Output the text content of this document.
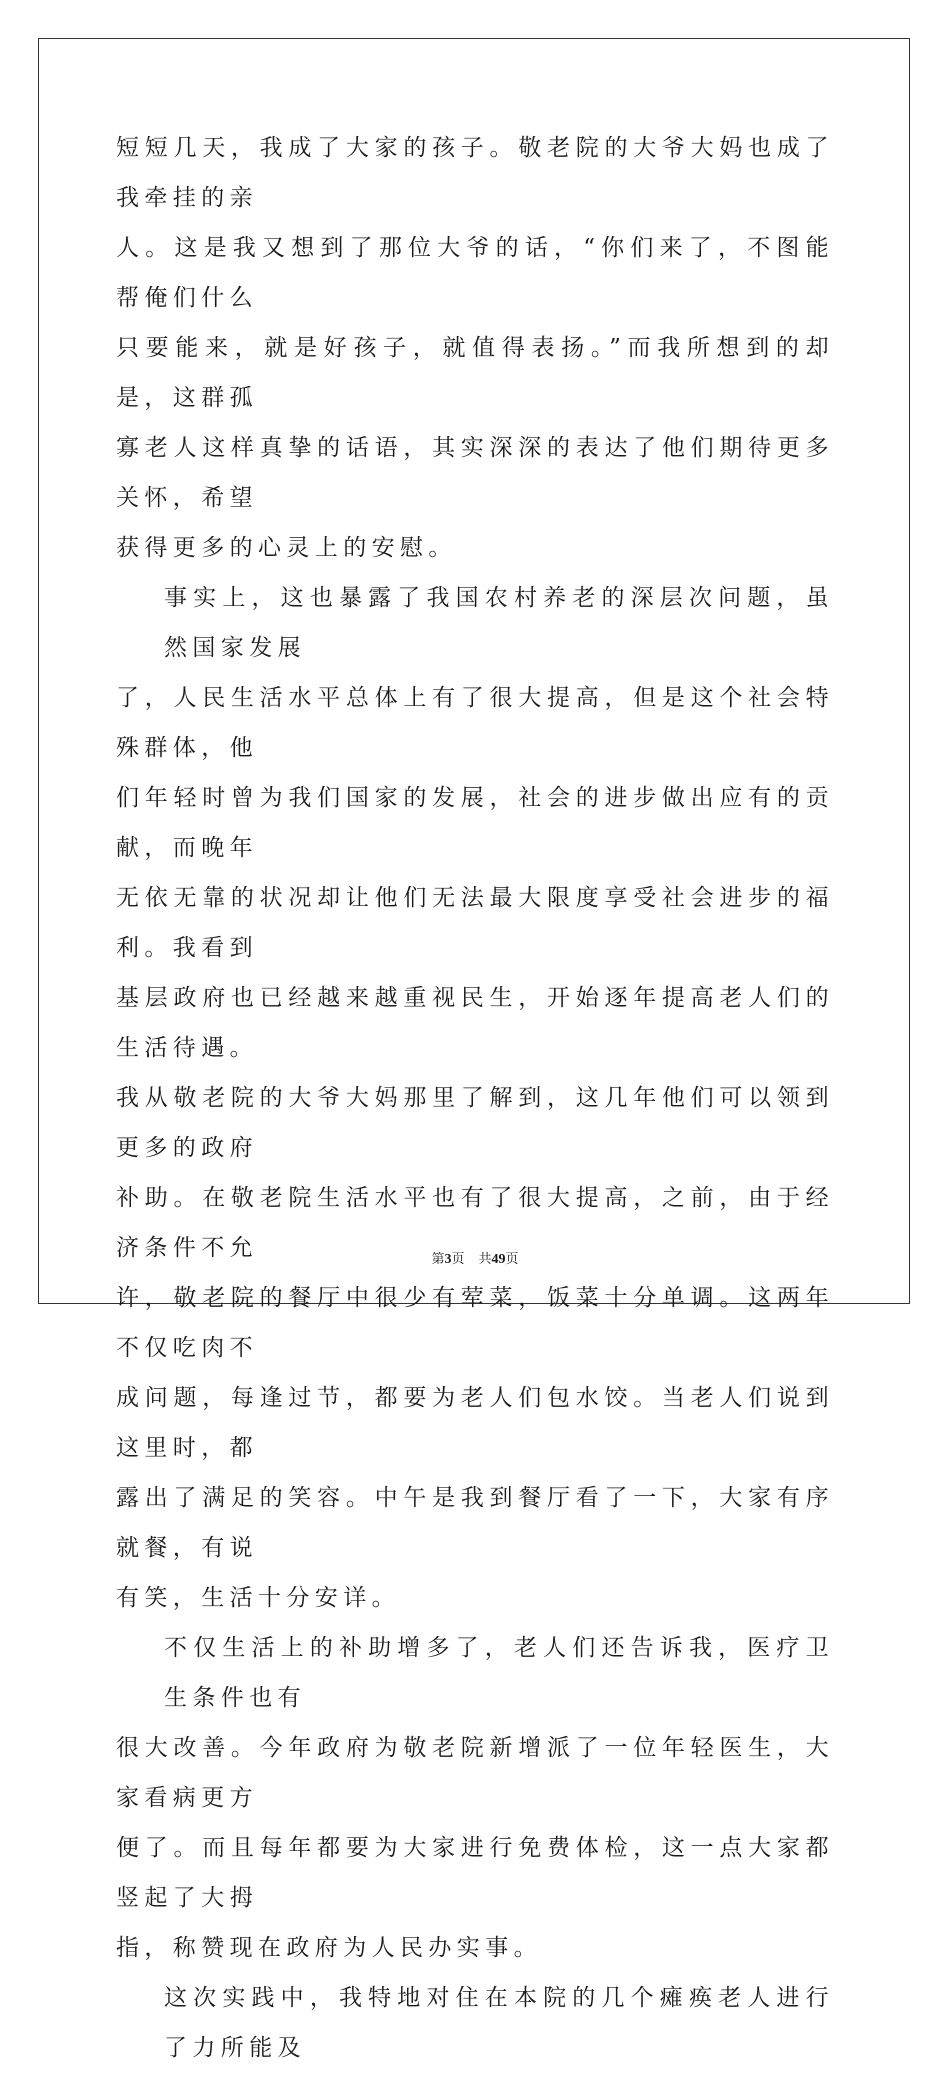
短短几天，我成了大家的孩子。敬老院的大爷大妈也成了我牵挂的亲
人。这是我又想到了那位大爷的话，“你们来了，不图能帮俺们什么
只要能来，就是好孩子，就值得表扬。”而我所想到的却是，这群孤
寡老人这样真挚的话语，其实深深的表达了他们期待更多关怀，希望
获得更多的心灵上的安慰。
事实上，这也暴露了我国农村养老的深层次问题，虽然国家发展
了，人民生活水平总体上有了很大提高，但是这个社会特殊群体，他
们年轻时曾为我们国家的发展，社会的进步做出应有的贡献，而晚年
无依无靠的状况却让他们无法最大限度享受社会进步的福利。我看到
基层政府也已经越来越重视民生，开始逐年提高老人们的生活待遇。
我从敬老院的大爷大妈那里了解到，这几年他们可以领到更多的政府
补助。在敬老院生活水平也有了很大提高，之前，由于经济条件不允
许，敬老院的餐厅中很少有荤菜，饭菜十分单调。这两年不仅吃肉不
成问题，每逢过节，都要为老人们包水饺。当老人们说到这里时，都
露出了满足的笑容。中午是我到餐厅看了一下，大家有序就餐，有说
有笑，生活十分安详。
不仅生活上的补助增多了，老人们还告诉我，医疗卫生条件也有
很大改善。今年政府为敬老院新增派了一位年轻医生，大家看病更方
便了。而且每年都要为大家进行免费体检，这一点大家都竖起了大拇
指，称赞现在政府为人民办实事。
这次实践中，我特地对住在本院的几个瘫痪老人进行了力所能及
第3页 共49页
